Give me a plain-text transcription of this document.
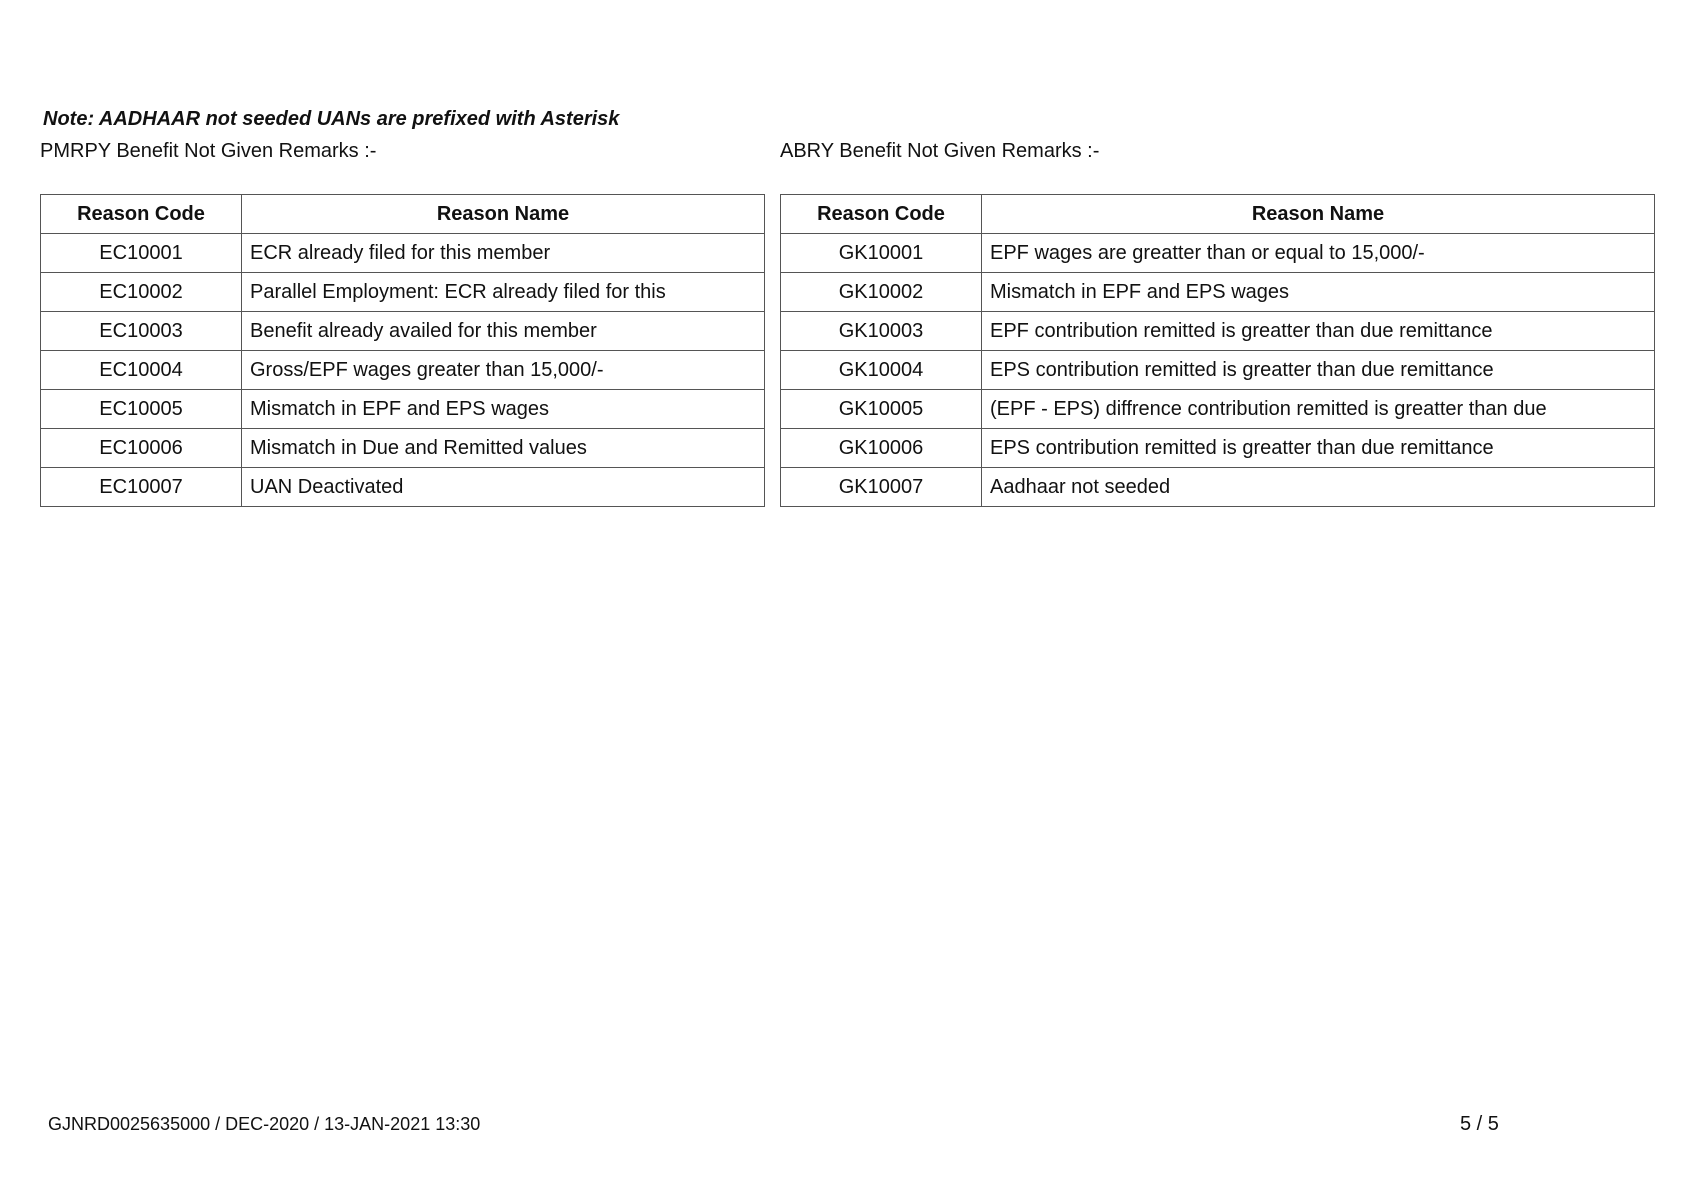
Note: AADHAAR not seeded UANs are prefixed with Asterisk
PMRPY Benefit Not Given Remarks :-	ABRY Benefit Not Given Remarks :-
Reason Code	Reason Name
EC10001	ECR already filed for this member
EC10002	Parallel Employment: ECR already filed for this
EC10003	Benefit already availed for this member
EC10004	Gross/EPF wages greater than 15,000/-
EC10005	Mismatch in EPF and EPS wages
EC10006	Mismatch in Due and Remitted values
EC10007	UAN Deactivated
Reason Code	Reason Name
GK10001	EPF wages are greatter than or equal to 15,000/-
GK10002	Mismatch in EPF and EPS wages
GK10003	EPF contribution remitted is greatter than due remittance
GK10004	EPS contribution remitted is greatter than due remittance
GK10005	(EPF - EPS) diffrence contribution remitted is greatter than due
GK10006	EPS contribution remitted is greatter than due remittance
GK10007	Aadhaar not seeded
GJNRD0025635000 / DEC-2020 / 13-JAN-2021 13:30	5 / 5
